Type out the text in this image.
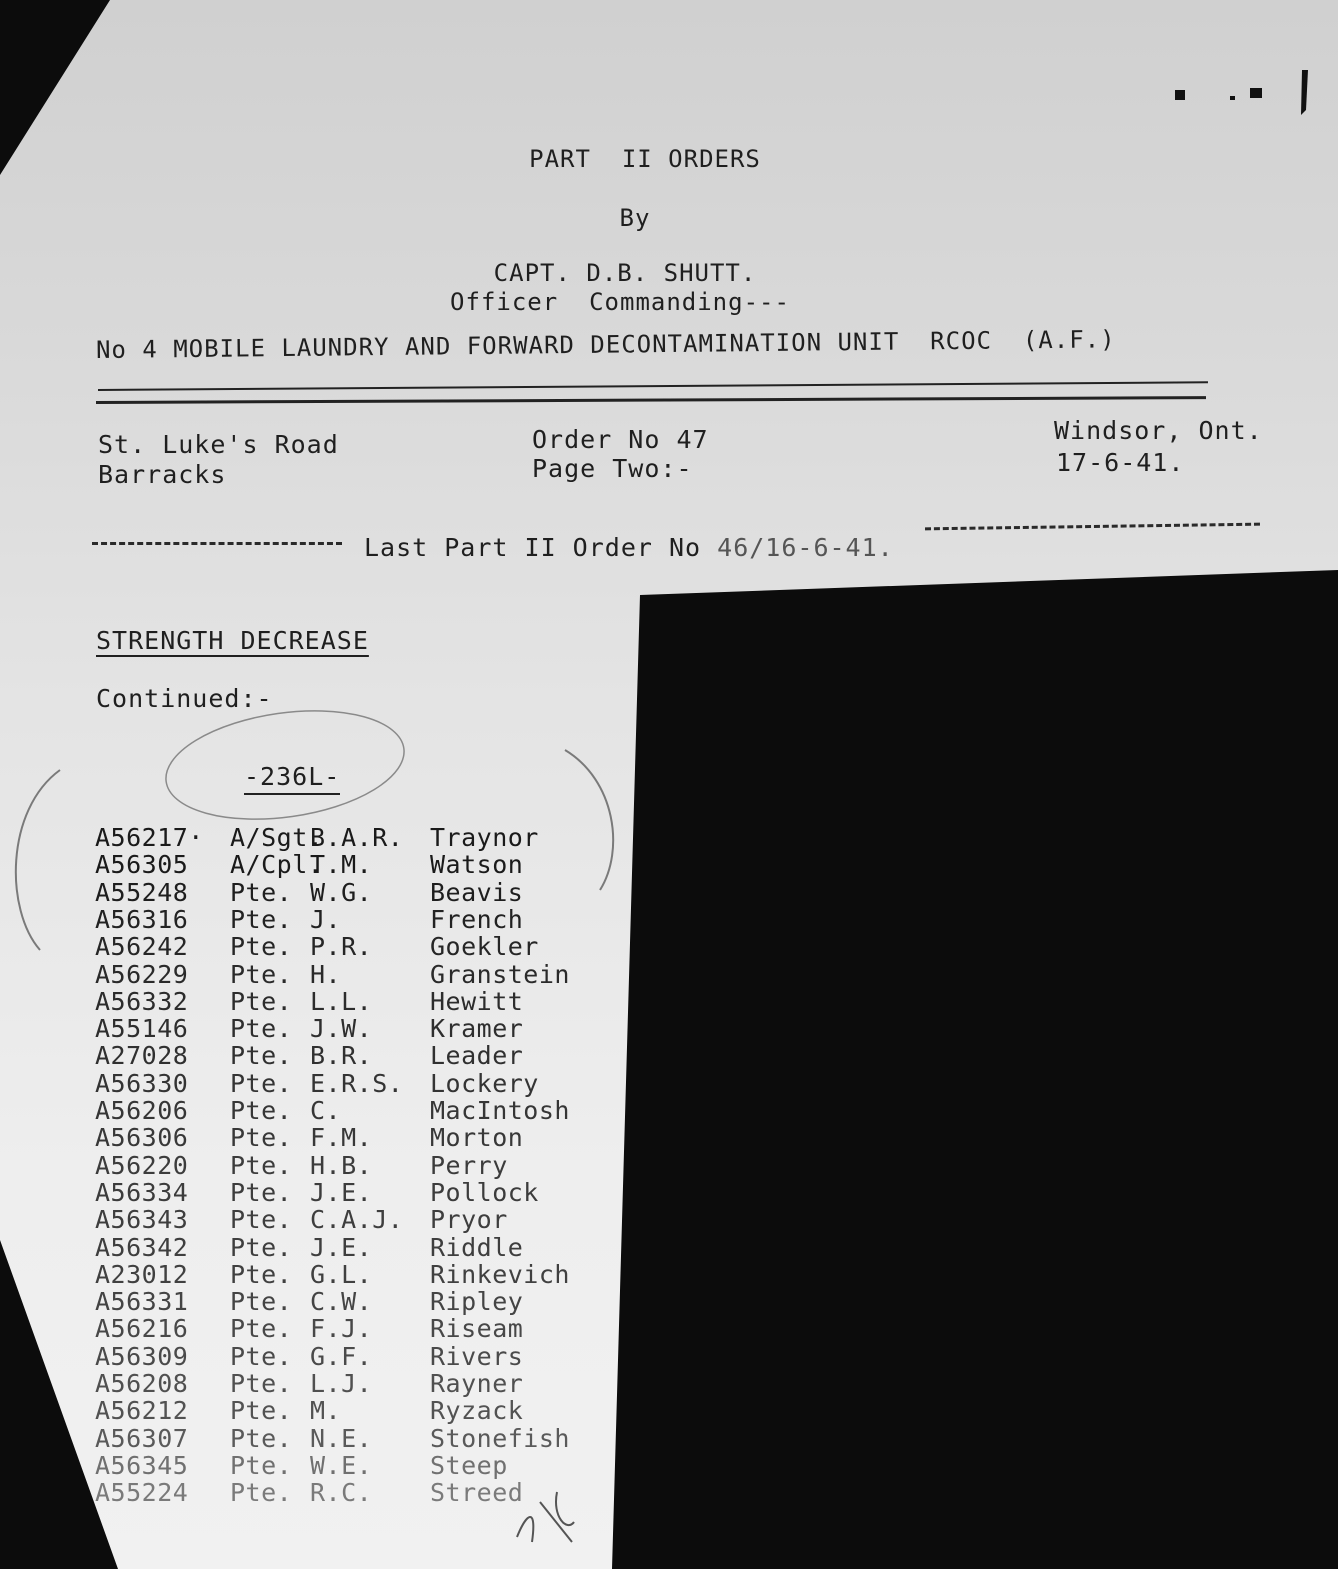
PART  II ORDERS
By
CAPT. D.B. SHUTT.
Officer  Commanding---
No 4 MOBILE LAUNDRY AND FORWARD DECONTAMINATION UNIT  RCOC  (A.F.)
St. Luke's Road
Barracks
Order No 47
Page Two:-
Windsor, Ont.
17-6-41.
Last Part II Order No 46/16-6-41.
STRENGTH DECREASE
Continued:-
-236L-
A56217· A/Sgt.B.A.R. Traynor
A56305 A/Cpl.T.M. Watson
A55248 Pte. W.G. Beavis
A56316 Pte. J.	French
A56242 Pte. P.R. Goekler
A56229 Pte. H.	Granstein
A56332 Pte. L.L. Hewitt
A55146 Pte. J.W. Kramer
A27028 Pte. B.R. Leader
A56330 Pte. E.R.S. Lockery
A56206 Pte. C.	MacIntosh
A56306 Pte. F.M. Morton
A56220 Pte. H.B. Perry
A56334 Pte. J.E. Pollock
A56343 Pte. C.A.J. Pryor
A56342 Pte. J.E. Riddle
A23012 Pte. G.L. Rinkevich
A56331 Pte. C.W. Ripley
A56216 Pte. F.J. Riseam
A56309 Pte. G.F. Rivers
A56208 Pte. L.J. Rayner
A56212 Pte. M.	Ryzack
A56307 Pte. N.E. Stonefish
A56345 Pte. W.E. Steep
A55224 Pte. R.C. Streed
